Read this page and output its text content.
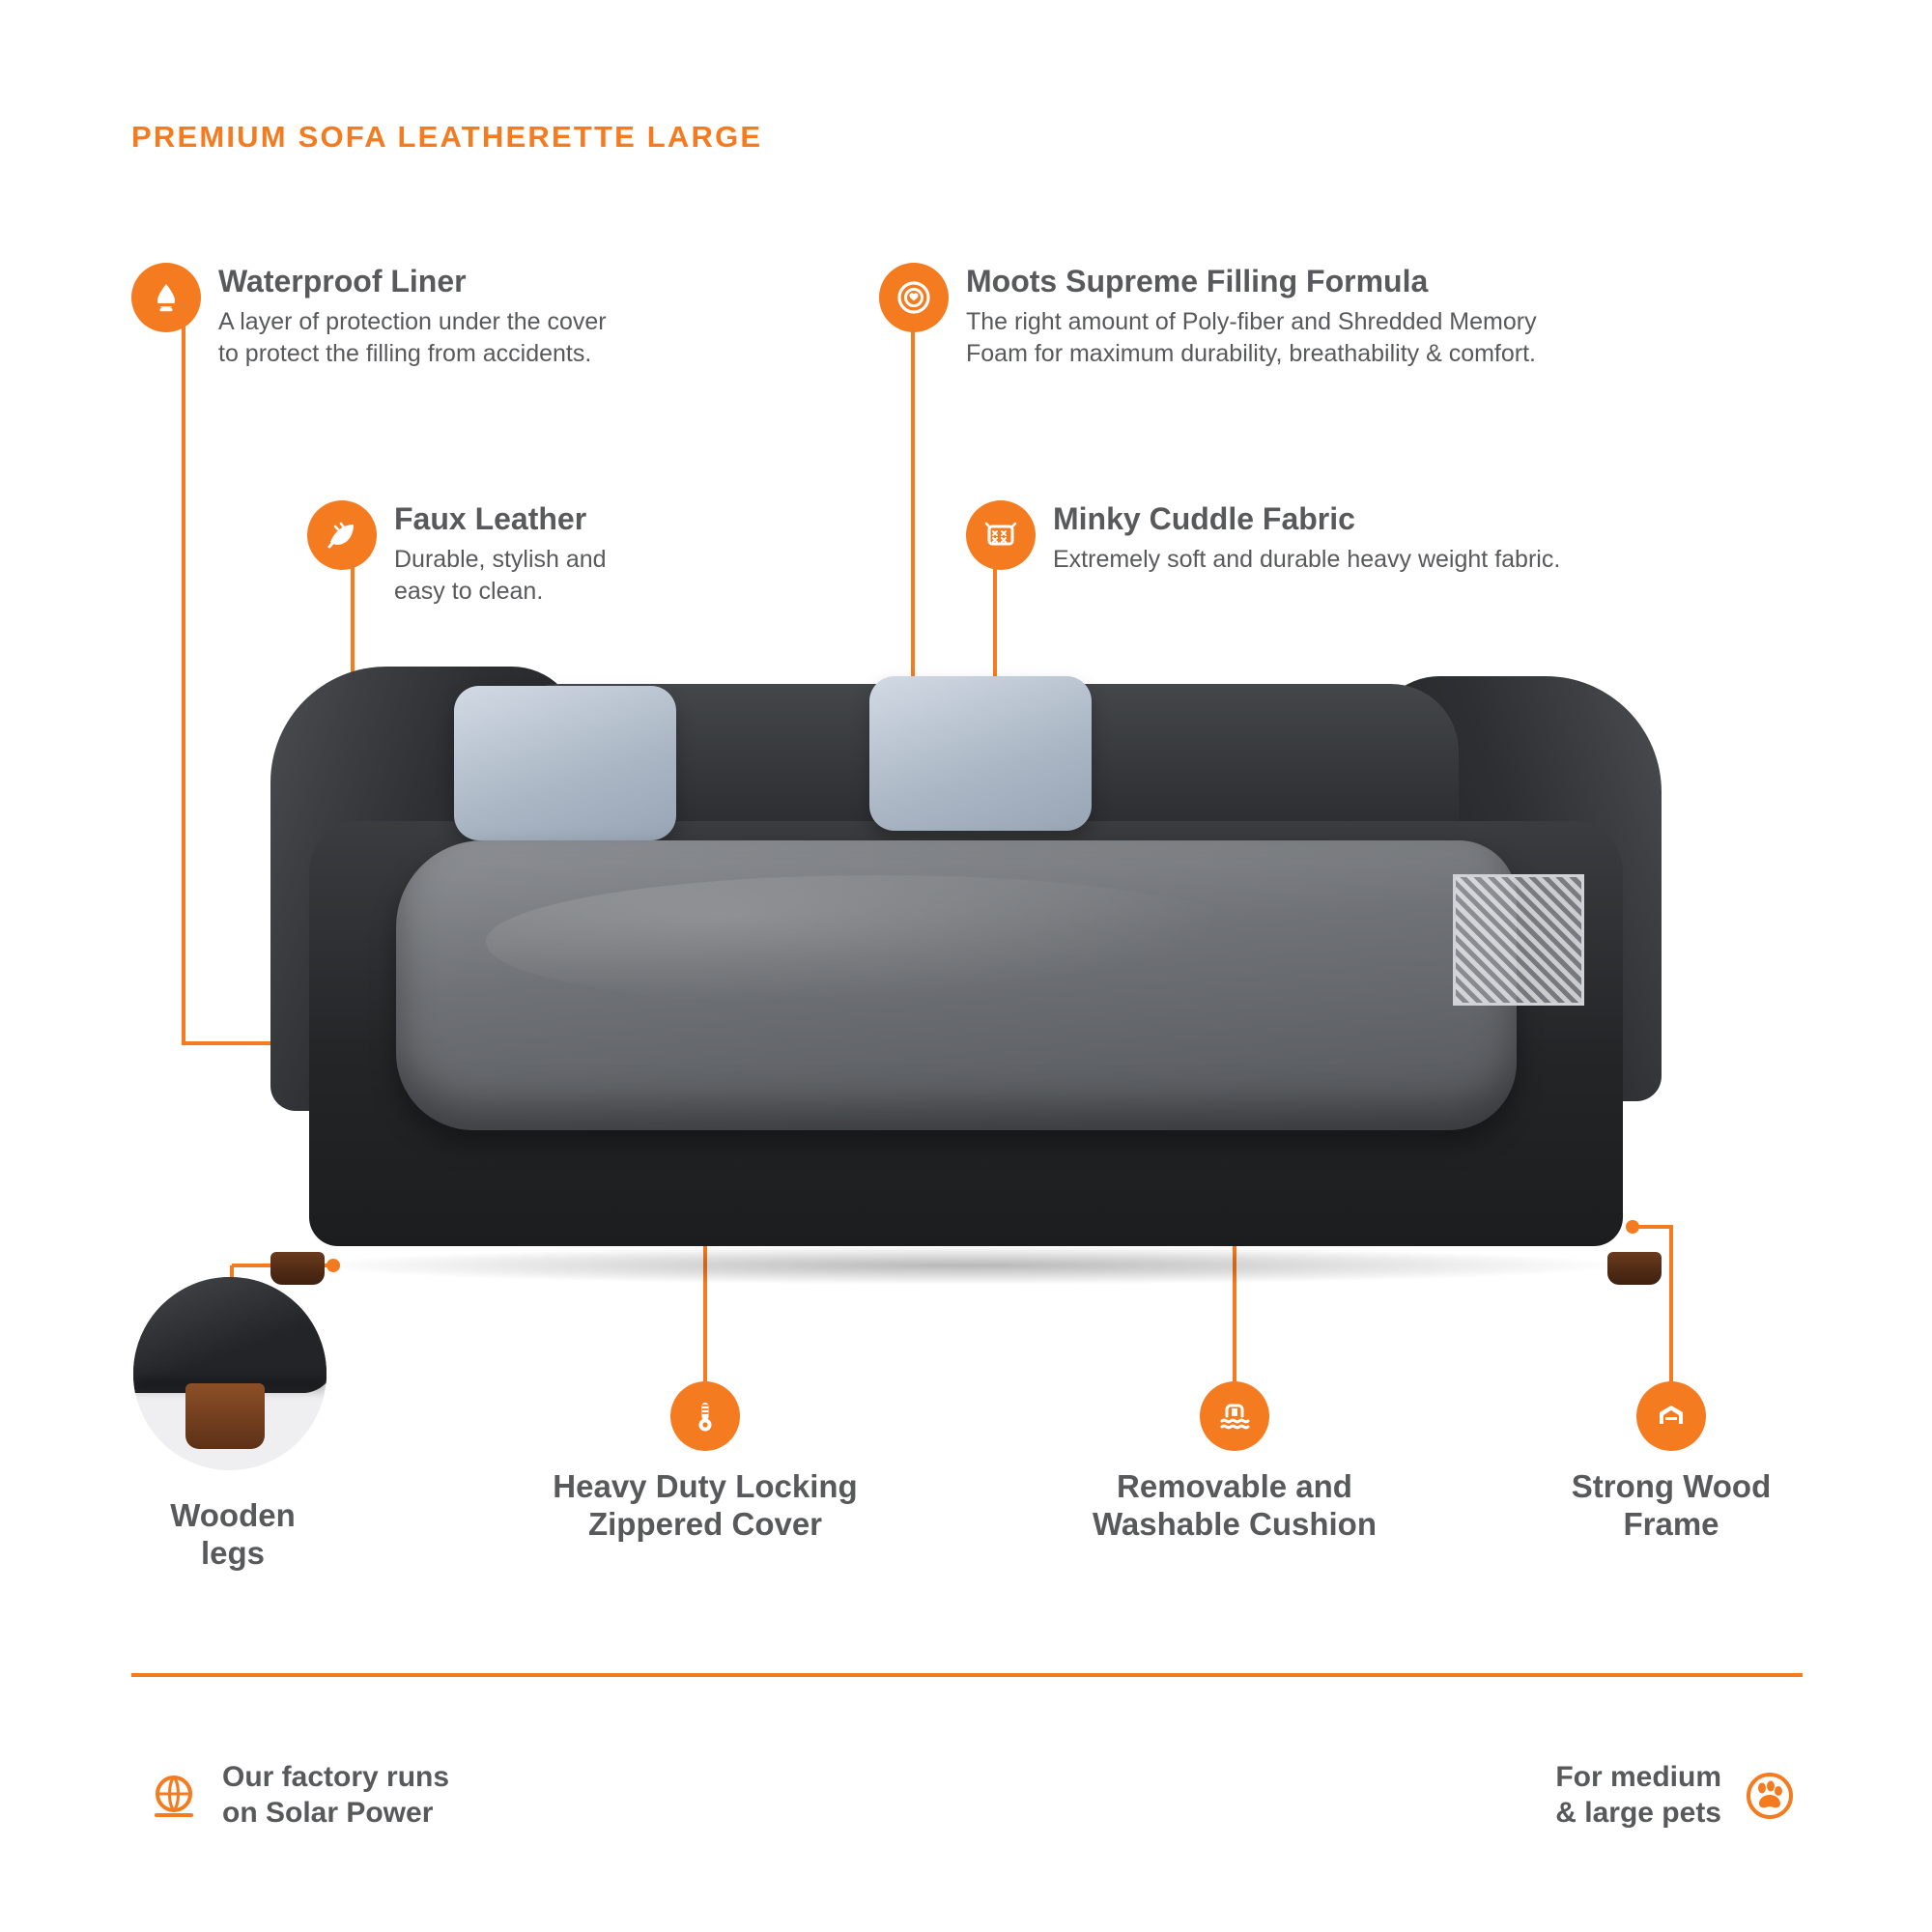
PREMIUM SOFA LEATHERETTE LARGE
Waterproof Liner
A layer of protection under the cover
to protect the filling from accidents.
Moots Supreme Filling Formula
The right amount of Poly-fiber and Shredded Memory
Foam for maximum durability, breathability & comfort.
Faux Leather
Durable, stylish and
easy to clean.
Minky Cuddle Fabric
Extremely soft and durable heavy weight fabric.
Wooden
legs
Heavy Duty Locking
Zippered Cover
Removable and
Washable Cushion
Strong Wood
Frame
Our factory runs
on Solar Power
For medium
& large pets
